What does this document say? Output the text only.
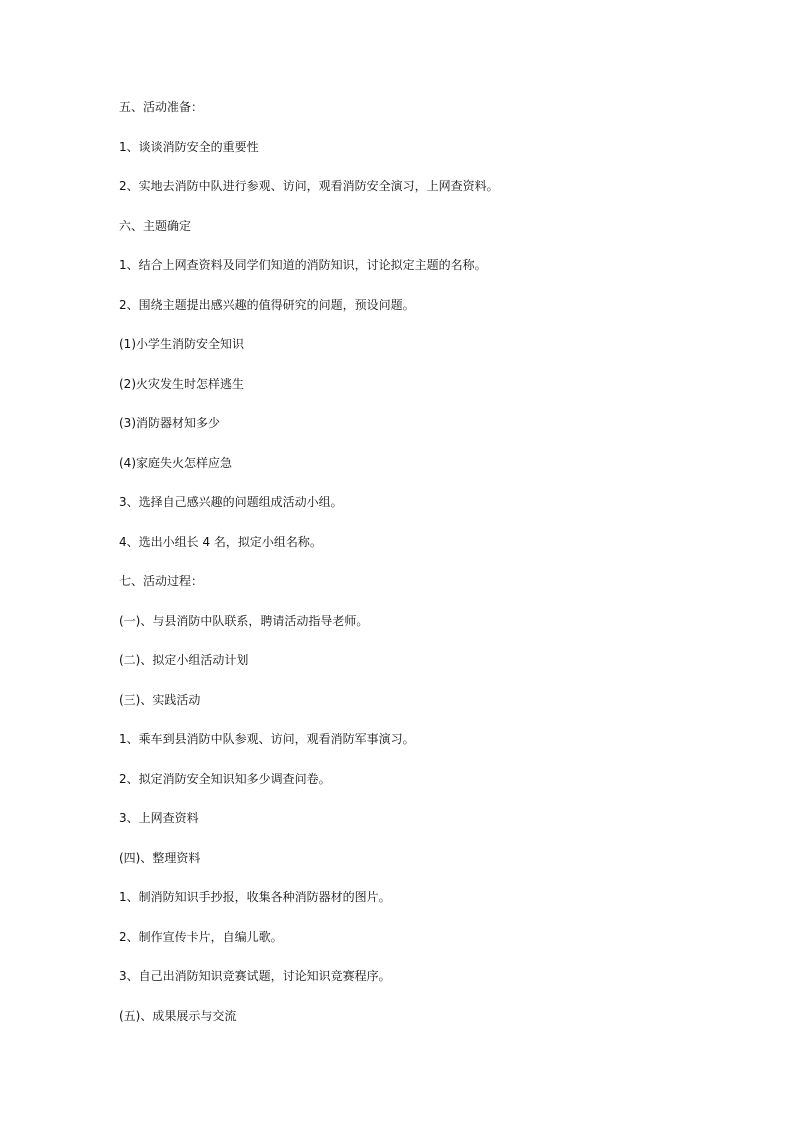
五、活动准备：
1、谈谈消防安全的重要性
2、实地去消防中队进行参观、访问，观看消防安全演习，上网查资料。
六、主题确定
1、结合上网查资料及同学们知道的消防知识，讨论拟定主题的名称。
2、围绕主题提出感兴趣的值得研究的问题，预设问题。
(1)小学生消防安全知识
(2)火灾发生时怎样逃生
(3)消防器材知多少
(4)家庭失火怎样应急
3、选择自己感兴趣的问题组成活动小组。
4、选出小组长 4 名，拟定小组名称。
七、活动过程：
(一)、与县消防中队联系，聘请活动指导老师。
(二)、拟定小组活动计划
(三)、实践活动
1、乘车到县消防中队参观、访问，观看消防军事演习。
2、拟定消防安全知识知多少调查问卷。
3、上网查资料
(四)、整理资料
1、制消防知识手抄报，收集各种消防器材的图片。
2、制作宣传卡片，自编儿歌。
3、自己出消防知识竞赛试题，讨论知识竞赛程序。
(五)、成果展示与交流
